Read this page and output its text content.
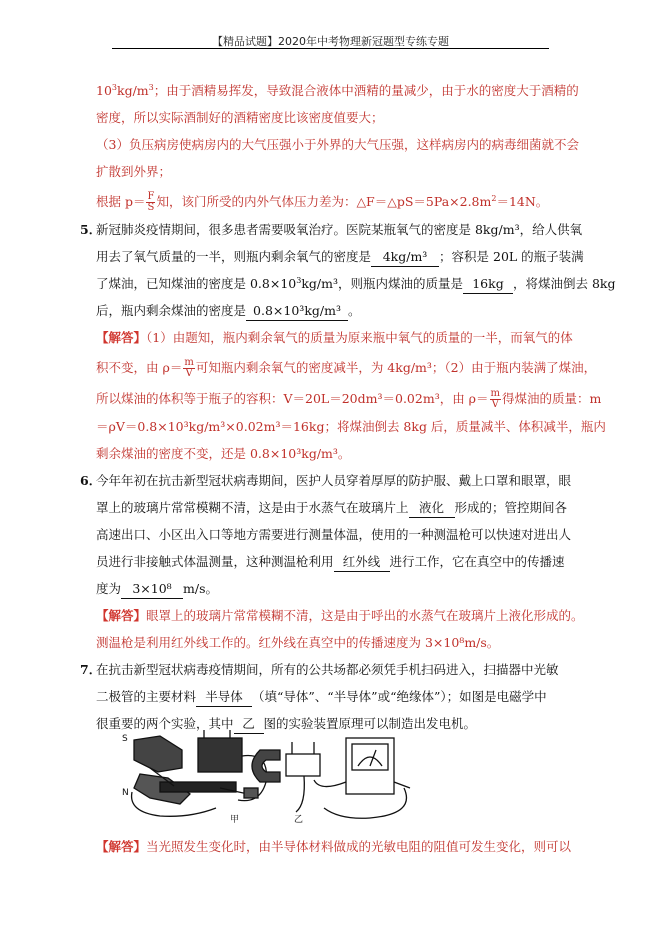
【精品试题】2020年中考物理新冠题型专练专题
$10^3kg/m^3$；由于酒精易挥发，导致混合液体中酒精的量减少，由于水的密度大于酒精的
密度，所以实际酒制好的酒精密度比该密度值要大；
（3）负压病房使病房内的大气压强小于外界的大气压强，这样病房内的病毒细菌就不会
扩散到外界；
根据 $p= \frac{F}{S}$ 知，该门所受的内外气体压力差为：$\triangle F=\triangle pS=5Pa\times 2.8m^2=14N$。
5．
新冠肺炎疫情期间，很多患者需要吸氧治疗。医院某瓶氧气的密度是 8kg/m³，给人供氧
用去了氧气质量的一半，则瓶内剩余氧气的密度是 4kg/m³ ；容积是 20L 的瓶子装满
了煤油，已知煤油的密度是 $0.8\times 10^3kg/m^3$，则瓶内煤油的质量是 16kg ，将煤油倒去 8kg
后，瓶内剩余煤油的密度是 0.8×10³kg/m³ 。
【解答】（1）由题知，瓶内剩余氧气的质量为原来瓶中氧气的质量的一半，而氧气的体
积不变，由 $\rho= \frac{m}{V}$ 可知瓶内剩余氧气的密度减半，为 4kg/m³；（2）由于瓶内装满了煤油，
所以煤油的体积等于瓶子的容积：V＝20L＝20dm³＝0.02m³，由 $\rho= \frac{m}{V}$ 得煤油的质量：m
＝ρV＝0.8×10³kg/m³×0.02m³＝16kg；将煤油倒去 8kg 后，质量减半、体积减半，瓶内
剩余煤油的密度不变，还是 0.8×10³kg/m³。
6．
今年年初在抗击新型冠状病毒期间，医护人员穿着厚厚的防护服、戴上口罩和眼罩，眼
罩上的玻璃片常常模糊不清，这是由于水蒸气在玻璃片上 液化 形成的；管控期间各
高速出口、小区出入口等地方需要进行测量体温，使用的一种测温枪可以快速对进出人
员进行非接触式体温测量，这种测温枪利用 红外线 进行工作，它在真空中的传播速
度为 3×10⁸ m/s。
【解答】眼罩上的玻璃片常常模糊不清，这是由于呼出的水蒸气在玻璃片上液化形成的。
测温枪是利用红外线工作的。红外线在真空中的传播速度为 3×10⁸m/s。
7．
在抗击新型冠状病毒疫情期间，所有的公共场都必须凭手机扫码进入，扫描器中光敏
二极管的主要材料 半导体 （填“导体”、“半导体”或“绝缘体”）；如图是电磁学中
很重要的两个实验，其中 乙 图的实验装置原理可以制造出发电机。
S
N
甲	乙
【解答】当光照发生变化时，由半导体材料做成的光敏电阻的阻值可发生变化，则可以
